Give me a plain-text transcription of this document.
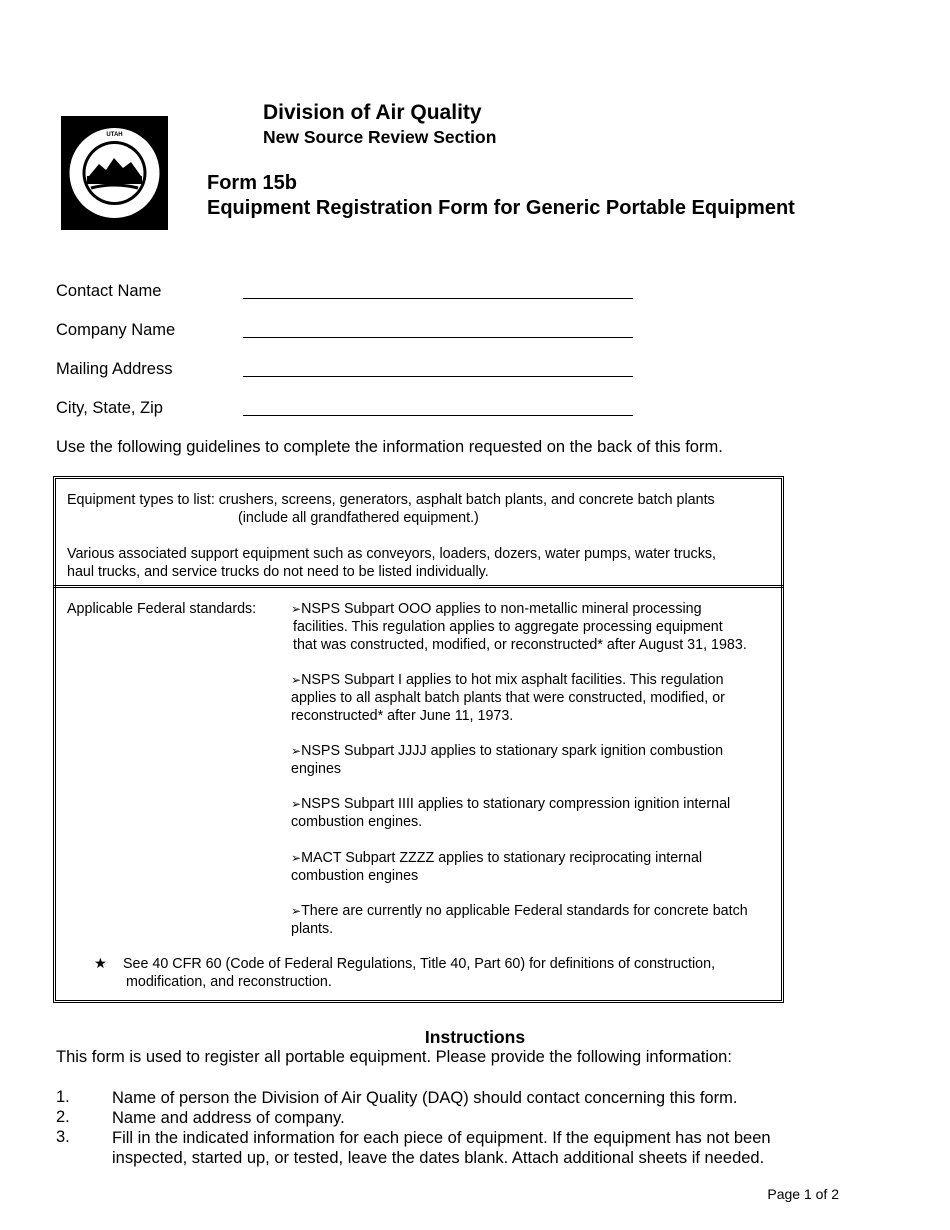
UTAH
Division of Air Quality
New Source Review Section
Form 15b
Equipment Registration Form for Generic Portable Equipment
Contact Name
Company Name
Mailing Address
City, State, Zip
Use the following guidelines to complete the information requested on the back of this form.
Equipment types to list: crushers, screens, generators, asphalt batch plants, and concrete batch plants
(include all grandfathered equipment.)
Various associated support equipment such as conveyors, loaders, dozers, water pumps, water trucks,
haul trucks, and service trucks do not need to be listed individually.
Applicable Federal standards:	➢NSPS Subpart OOO applies to non-metallic mineral processing
facilities. This regulation applies to aggregate processing equipment
that was constructed, modified, or reconstructed* after August 31, 1983.
➢NSPS Subpart I applies to hot mix asphalt facilities. This regulation
applies to all asphalt batch plants that were constructed, modified, or
reconstructed* after June 11, 1973.
➢NSPS Subpart JJJJ applies to stationary spark ignition combustion
engines
➢NSPS Subpart IIII applies to stationary compression ignition internal
combustion engines.
➢MACT Subpart ZZZZ applies to stationary reciprocating internal
combustion engines
➢There are currently no applicable Federal standards for concrete batch
plants.
★ See 40 CFR 60 (Code of Federal Regulations, Title 40, Part 60) for definitions of construction,
modification, and reconstruction.
Instructions
This form is used to register all portable equipment. Please provide the following information:
1.	Name of person the Division of Air Quality (DAQ) should contact concerning this form.
2.	Name and address of company.
3.	Fill in the indicated information for each piece of equipment. If the equipment has not been
inspected, started up, or tested, leave the dates blank. Attach additional sheets if needed.
Page 1 of 2
